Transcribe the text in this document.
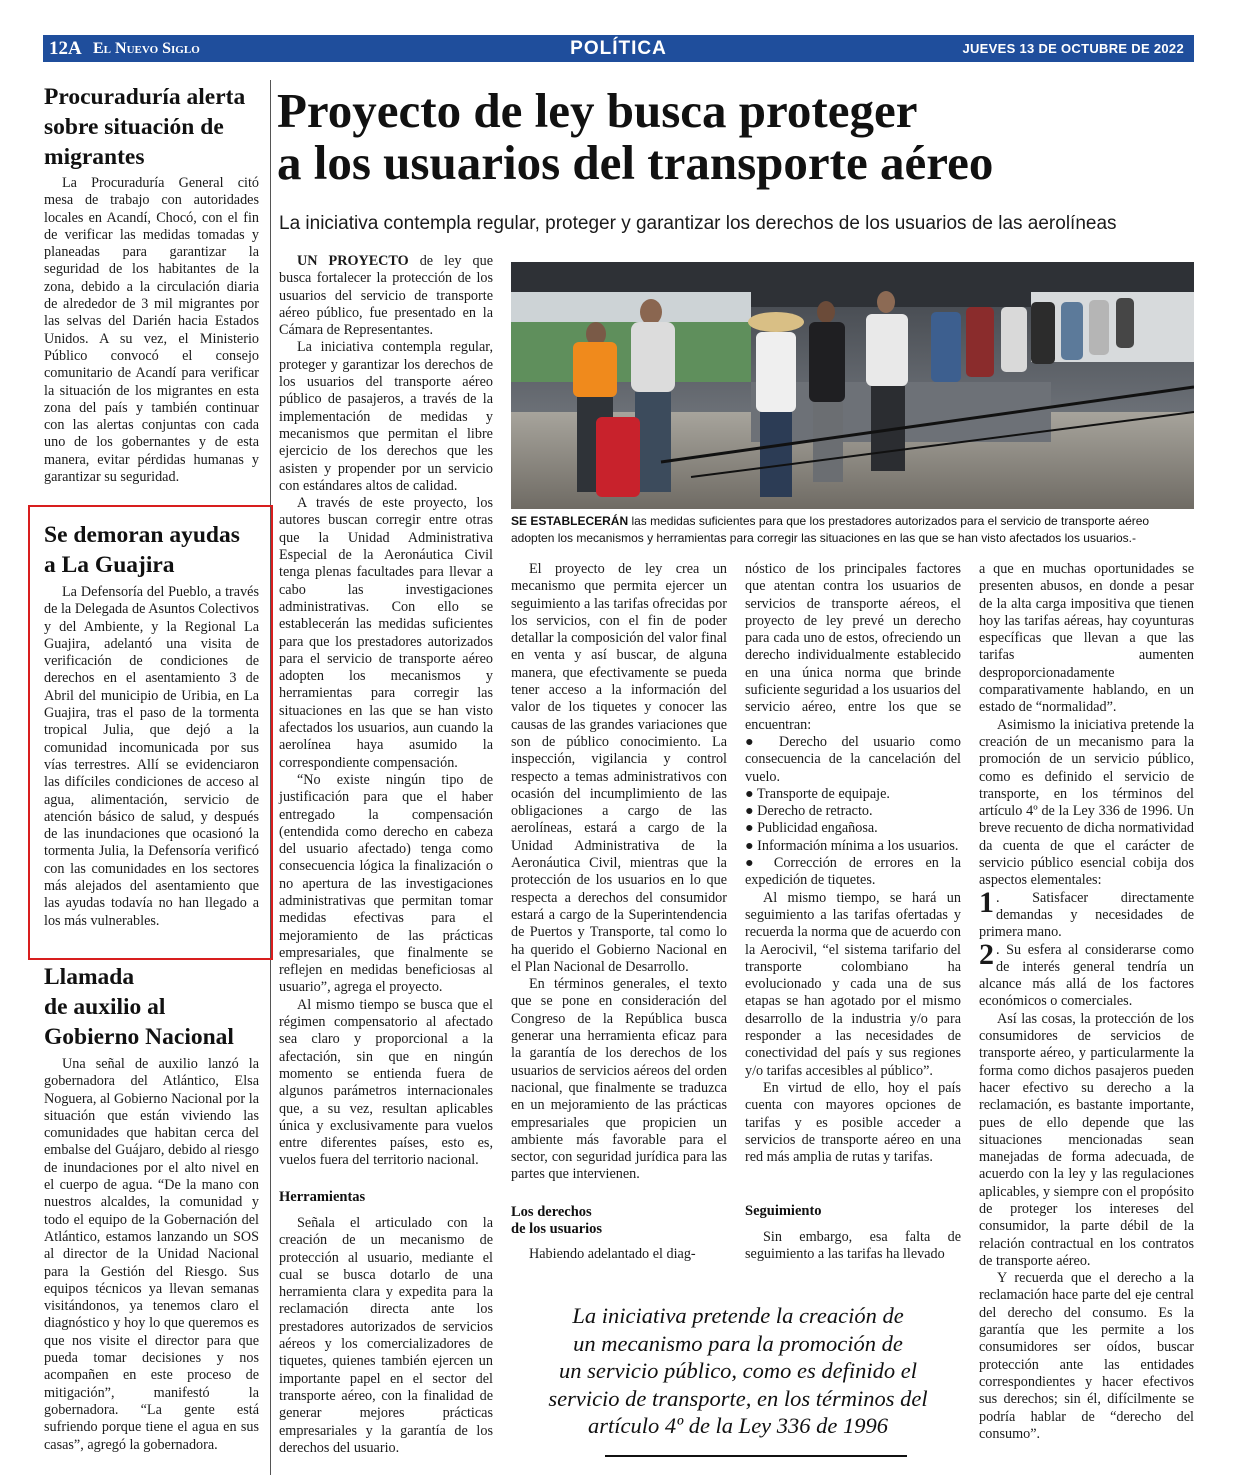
12A El Nuevo Siglo	POLÍTICA	JUEVES 13 DE OCTUBRE DE 2022
Procuraduría alerta
sobre situación de
migrantes

La Procuraduría General citó mesa de trabajo con autoridades locales en Acandí, Chocó, con el fin de verificar las medidas tomadas y planeadas para garantizar la seguridad de los habitantes de la zona, debido a la circulación diaria de alrededor de 3 mil migrantes por las selvas del Darién hacia Estados Unidos. A su vez, el Ministerio Público convocó el consejo comunitario de Acandí para verificar la situación de los migrantes en esta zona del país y también continuar con las alertas conjuntas con cada uno de los gobernantes y de esta manera, evitar pérdidas humanas y garantizar su seguridad.

Se demoran ayudas
a La Guajira

La Defensoría del Pueblo, a través de la Delegada de Asuntos Colectivos y del Ambiente, y la Regional La Guajira, adelantó una visita de verificación de condiciones de derechos en el asentamiento 3 de Abril del municipio de Uribia, en La Guajira, tras el paso de la tormenta tropical Julia, que dejó a la comunidad incomunicada por sus vías terrestres. Allí se evidenciaron las difíciles condiciones de acceso al agua, alimentación, servicio de atención básico de salud, y después de las inundaciones que ocasionó la tormenta Julia, la Defensoría verificó con las comunidades en los sectores más alejados del asentamiento que las ayudas todavía no han llegado a los más vulnerables.

Llamada
de auxilio al
Gobierno Nacional

Una señal de auxilio lanzó la gobernadora del Atlántico, Elsa Noguera, al Gobierno Nacional por la situación que están viviendo las comunidades que habitan cerca del embalse del Guájaro, debido al riesgo de inundaciones por el alto nivel en el cuerpo de agua. “De la mano con nuestros alcaldes, la comunidad y todo el equipo de la Gobernación del Atlántico, estamos lanzando un SOS al director de la Unidad Nacional para la Gestión del Riesgo. Sus equipos técnicos ya llevan semanas visitándonos, ya tenemos claro el diagnóstico y hoy lo que queremos es que nos visite el director para que pueda tomar decisiones y nos acompañen en este proceso de mitigación”, manifestó la gobernadora. “La gente está sufriendo porque tiene el agua en sus casas”, agregó la gobernadora.

Proyecto de ley busca proteger
a los usuarios del transporte aéreo
La iniciativa contempla regular, proteger y garantizar los derechos de los usuarios de las aerolíneas
SE ESTABLECERÁN las medidas suficientes para que los prestadores autorizados para el servicio de transporte aéreo adopten los mecanismos y herramientas para corregir las situaciones en las que se han visto afectados los usuarios.-

UN PROYECTO de ley que busca fortalecer la protección de los usuarios del servicio de transporte aéreo público, fue presentado en la Cámara de Representantes.

La iniciativa contempla regular, proteger y garantizar los derechos de los usuarios del transporte aéreo público de pasajeros, a través de la implementación de medidas y mecanismos que permitan el libre ejercicio de los derechos que les asisten y propender por un servicio con estándares altos de calidad.

A través de este proyecto, los autores buscan corregir entre otras que la Unidad Administrativa Especial de la Aeronáutica Civil tenga plenas facultades para llevar a cabo las investigaciones administrativas. Con ello se establecerán las medidas suficientes para que los prestadores autorizados para el servicio de transporte aéreo adopten los mecanismos y herramientas para corregir las situaciones en las que se han visto afectados los usuarios, aun cuando la aerolínea haya asumido la correspondiente compensación.

“No existe ningún tipo de justificación para que el haber entregado la compensación (entendida como derecho en cabeza del usuario afectado) tenga como consecuencia lógica la finalización o no apertura de las investigaciones administrativas que permitan tomar medidas efectivas para el mejoramiento de las prácticas empresariales, que finalmente se reflejen en medidas beneficiosas al usuario”, agrega el proyecto.

Al mismo tiempo se busca que el régimen compensatorio al afectado sea claro y proporcional a la afectación, sin que en ningún momento se entienda fuera de algunos parámetros internacionales que, a su vez, resultan aplicables única y exclusivamente para vuelos entre diferentes países, esto es, vuelos fuera del territorio nacional.

Herramientas

Señala el articulado con la creación de un mecanismo de protección al usuario, mediante el cual se busca dotarlo de una herramienta clara y expedita para la reclamación directa ante los prestadores autorizados de servicios aéreos y los comercializadores de tiquetes, quienes también ejercen un importante papel en el sector del transporte aéreo, con la finalidad de generar mejores prácticas empresariales y la garantía de los derechos del usuario.

El proyecto de ley crea un mecanismo que permita ejercer un seguimiento a las tarifas ofrecidas por los servicios, con el fin de poder detallar la composición del valor final en venta y así buscar, de alguna manera, que efectivamente se pueda tener acceso a la información del valor de los tiquetes y conocer las causas de las grandes variaciones que son de público conocimiento. La inspección, vigilancia y control respecto a temas administrativos con ocasión del incumplimiento de las obligaciones a cargo de las aerolíneas, estará a cargo de la Unidad Administrativa de la Aeronáutica Civil, mientras que la protección de los usuarios en lo que respecta a derechos del consumidor estará a cargo de la Superintendencia de Puertos y Transporte, tal como lo ha querido el Gobierno Nacional en el Plan Nacional de Desarrollo.

En términos generales, el texto que se pone en consideración del Congreso de la República busca generar una herramienta eficaz para la garantía de los derechos de los usuarios de servicios aéreos del orden nacional, que finalmente se traduzca en un mejoramiento de las prácticas empresariales que propicien un ambiente más favorable para el sector, con seguridad jurídica para las partes que intervienen.

Los derechos
de los usuarios

Habiendo adelantado el diag-

nóstico de los principales factores que atentan contra los usuarios de servicios de transporte aéreos, el proyecto de ley prevé un derecho para cada uno de estos, ofreciendo un derecho individualmente establecido en una única norma que brinde suficiente seguridad a los usuarios del servicio aéreo, entre los que se encuentran:

● Derecho del usuario como consecuencia de la cancelación del vuelo.

● Transporte de equipaje.

● Derecho de retracto.

● Publicidad engañosa.

● Información mínima a los usuarios.

● Corrección de errores en la expedición de tiquetes.

Al mismo tiempo, se hará un seguimiento a las tarifas ofertadas y recuerda la norma que de acuerdo con la Aerocivil, “el sistema tarifario del transporte colombiano ha evolucionado y cada una de sus etapas se han agotado por el mismo desarrollo de la industria y/o para responder a las necesidades de conectividad del país y sus regiones y/o tarifas accesibles al público”.

En virtud de ello, hoy el país cuenta con mayores opciones de tarifas y es posible acceder a servicios de transporte aéreo en una red más amplia de rutas y tarifas.

Seguimiento

Sin embargo, esa falta de seguimiento a las tarifas ha llevado

a que en muchas oportunidades se presenten abusos, en donde a pesar de la alta carga impositiva que tienen hoy las tarifas aéreas, hay coyunturas específicas que llevan a que las tarifas aumenten desproporcionadamente comparativamente hablando, en un estado de “normalidad”.

Asimismo la iniciativa pretende la creación de un mecanismo para la promoción de un servicio público, como es definido el servicio de transporte, en los términos del artículo 4º de la Ley 336 de 1996. Un breve recuento de dicha normatividad da cuenta de que el carácter de servicio público esencial cobija dos aspectos elementales:

1 . Satisfacer directamente demandas y necesidades de primera mano.

2 . Su esfera al considerarse como de interés general tendría un alcance más allá de los factores económicos o comerciales.

Así las cosas, la protección de los consumidores de servicios de transporte aéreo, y particularmente la forma como dichos pasajeros pueden hacer efectivo su derecho a la reclamación, es bastante importante, pues de ello depende que las situaciones mencionadas sean manejadas de forma adecuada, de acuerdo con la ley y las regulaciones aplicables, y siempre con el propósito de proteger los intereses del consumidor, la parte débil de la relación contractual en los contratos de transporte aéreo.

Y recuerda que el derecho a la reclamación hace parte del eje central del derecho del consumo. Es la garantía que les permite a los consumidores ser oídos, buscar protección ante las entidades correspondientes y hacer efectivos sus derechos; sin él, difícilmente se podría hablar de “derecho del consumo”.

La iniciativa pretende la creación de
un mecanismo para la promoción de
un servicio público, como es definido el
servicio de transporte, en los términos del
artículo 4º de la Ley 336 de 1996
